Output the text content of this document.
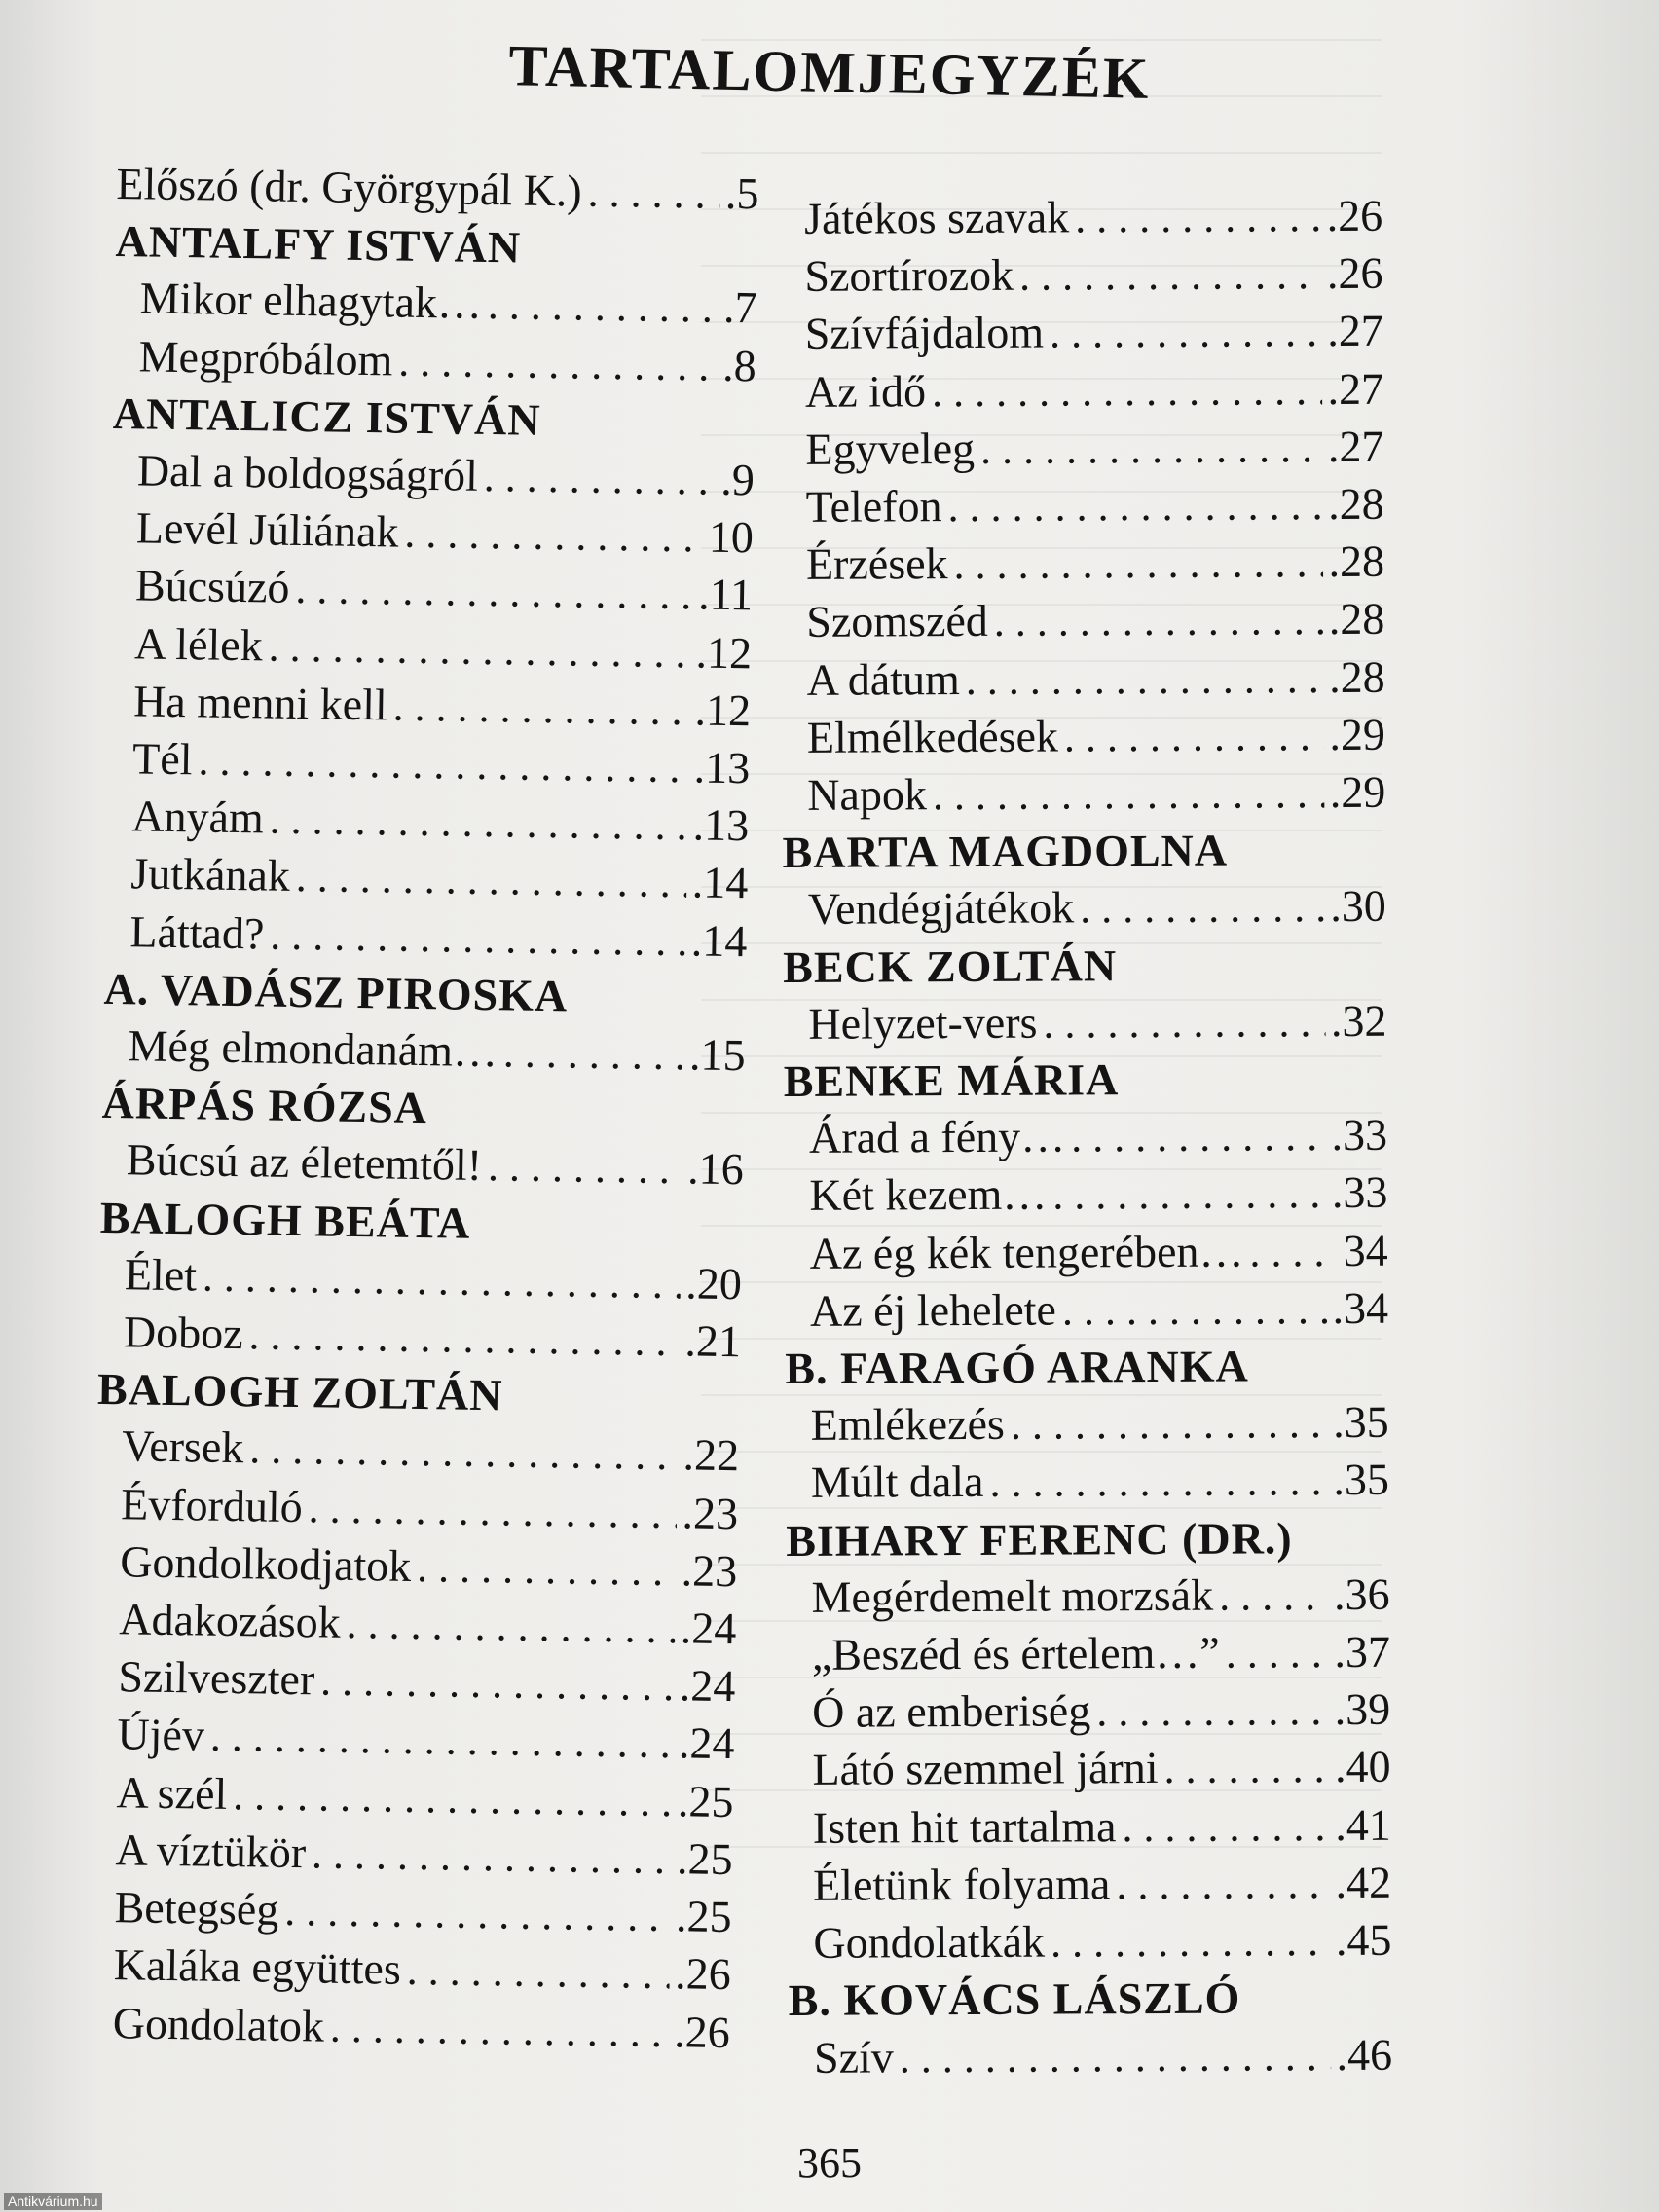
TARTALOMJEGYZÉK
Előszó (dr. Györgypál K.) . . .	.5
ANTALFY ISTVÁN
Mikor elhagytak… . . .	.7
Megpróbálom . . .	.8
ANTALICZ ISTVÁN
Dal a boldogságról . . .	.9
Levél Júliának . . .	10
Búcsúzó . . .	.11
A lélek . . .	.12
Ha menni kell . . .	.12
Tél . . .	.13
Anyám . . .	.13
Jutkának . . .	.14
Láttad? . . .	.14
A. VADÁSZ PIROSKA
Még elmondanám… . . .	.15
ÁRPÁS RÓZSA
Búcsú az életemtől! . . .	.16
BALOGH BEÁTA
Élet . . .	.20
Doboz . . .	.21
BALOGH ZOLTÁN
Versek . . .	.22
Évforduló . . .	.23
Gondolkodjatok . . .	.23
Adakozások . . .	.24
Szilveszter . . .	.24
Újév . . .	.24
A szél . . .	.25
A víztükör . . .	.25
Betegség . . .	.25
Kaláka együttes . . .	.26
Gondolatok . . .	.26
Játékos szavak . . .	.26
Szortírozok . . .	.26
Szívfájdalom . . .	.27
Az idő . . .	.27
Egyveleg . . .	.27
Telefon . . .	.28
Érzések . . .	.28
Szomszéd . . .	.28
A dátum . . .	.28
Elmélkedések . . .	.29
Napok . . .	.29
BARTA MAGDOLNA
Vendégjátékok . . .	.30
BECK ZOLTÁN
Helyzet-vers . . .	.32
BENKE MÁRIA
Árad a fény… . . .	.33
Két kezem… . . .	.33
Az ég kék tengerében… . . . 34
Az éj lehelete . . .	.34
B. FARAGÓ ARANKA
Emlékezés . . .	.35
Múlt dala . . .	.35
BIHARY FERENC (DR.)
Megérdemelt morzsák . . .	.36
„Beszéd és értelem…” . . .	.37
Ó az emberiség . . .	.39
Látó szemmel járni . . .	.40
Isten hit tartalma . . .	.41
Életünk folyama . . .	.42
Gondolatkák . . .	.45
B. KOVÁCS LÁSZLÓ
Szív . . .	.46
365
Antikvárium.hu
